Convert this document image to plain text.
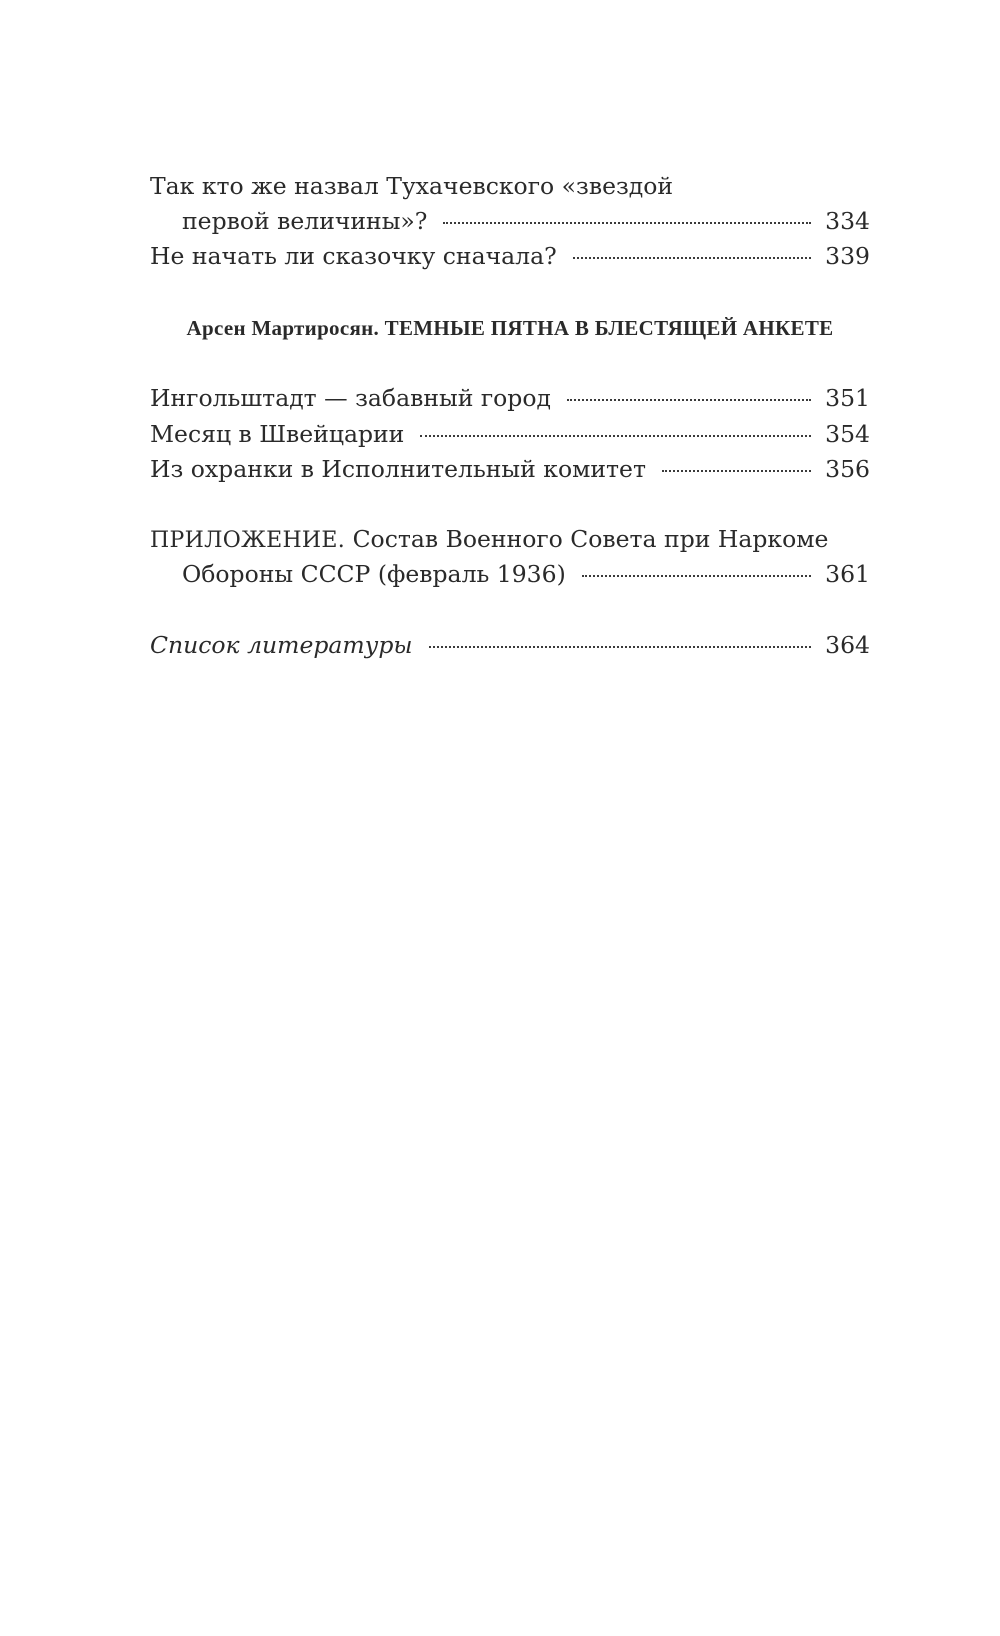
Так кто же назвал Тухачевского «звездой
первой величины»?	334
Не начать ли сказочку сначала?	339
Арсен Мартиросян. ТЕМНЫЕ ПЯТНА В БЛЕСТЯЩЕЙ АНКЕТЕ
Ингольштадт — забавный город	351
Месяц в Швейцарии	354
Из охранки в Исполнительный комитет	356
ПРИЛОЖЕНИЕ. Состав Военного Совета при Наркоме
Обороны СССР (февраль 1936)	361
Список литературы	364
